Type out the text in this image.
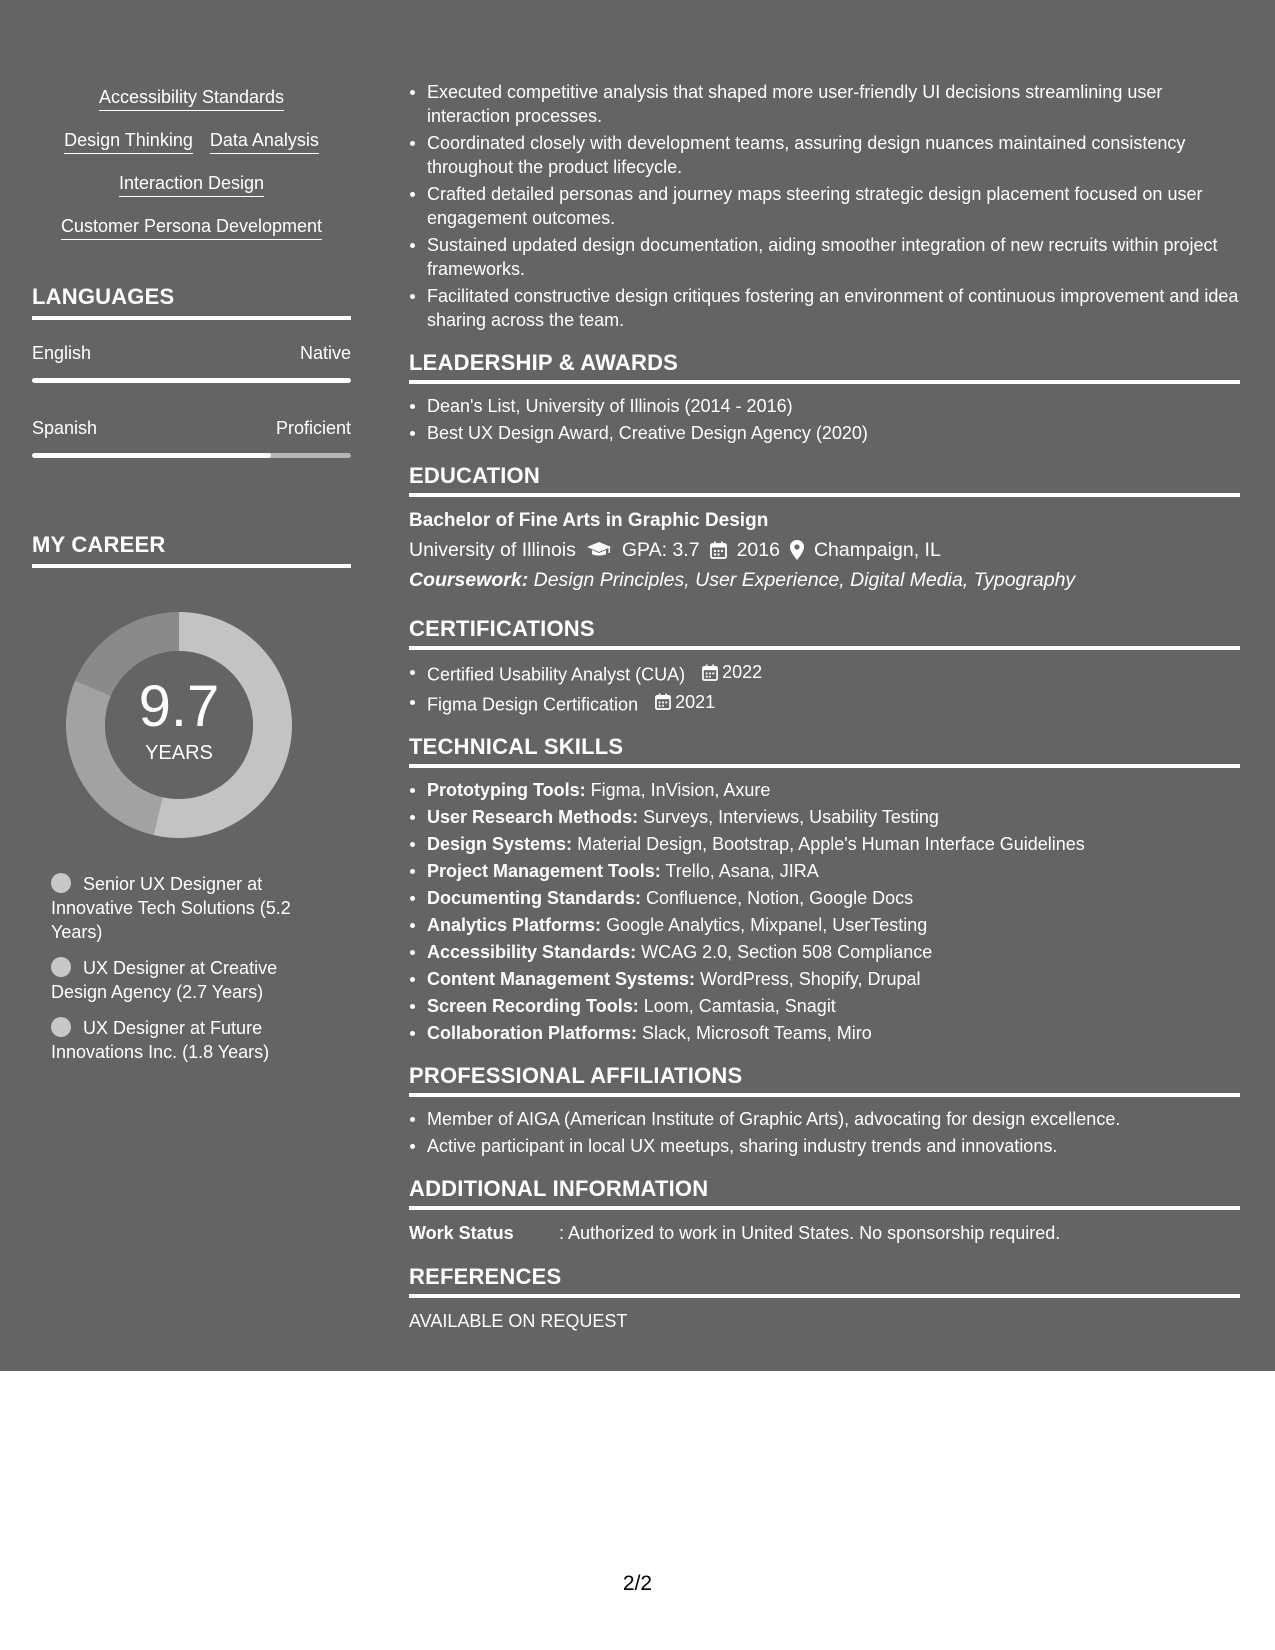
Accessibility Standards
Design Thinking Data Analysis
Interaction Design
Customer Persona Development
LANGUAGES
English	Native
Spanish	Proficient
MY CAREER
9.7
YEARS
Senior UX Designer at Innovative Tech Solutions (5.2 Years)
UX Designer at Creative Design Agency (2.7 Years)
UX Designer at Future Innovations Inc. (1.8 Years)
Executed competitive analysis that shaped more user-friendly UI decisions streamlining user interaction processes.
Coordinated closely with development teams, assuring design nuances maintained consistency throughout the product lifecycle.
Crafted detailed personas and journey maps steering strategic design placement focused on user engagement outcomes.
Sustained updated design documentation, aiding smoother integration of new recruits within project frameworks.
Facilitated constructive design critiques fostering an environment of continuous improvement and idea sharing across the team.
LEADERSHIP & AWARDS
Dean's List, University of Illinois (2014 - 2016)
Best UX Design Award, Creative Design Agency (2020)
EDUCATION
Bachelor of Fine Arts in Graphic Design
University of Illinois GPA: 3.7 2016 Champaign, IL
Coursework: Design Principles, User Experience, Digital Media, Typography
CERTIFICATIONS
Certified Usability Analyst (CUA) 2022
Figma Design Certification 2021
TECHNICAL SKILLS
Prototyping Tools: Figma, InVision, Axure
User Research Methods: Surveys, Interviews, Usability Testing
Design Systems: Material Design, Bootstrap, Apple's Human Interface Guidelines
Project Management Tools: Trello, Asana, JIRA
Documenting Standards: Confluence, Notion, Google Docs
Analytics Platforms: Google Analytics, Mixpanel, UserTesting
Accessibility Standards: WCAG 2.0, Section 508 Compliance
Content Management Systems: WordPress, Shopify, Drupal
Screen Recording Tools: Loom, Camtasia, Snagit
Collaboration Platforms: Slack, Microsoft Teams, Miro
PROFESSIONAL AFFILIATIONS
Member of AIGA (American Institute of Graphic Arts), advocating for design excellence.
Active participant in local UX meetups, sharing industry trends and innovations.
ADDITIONAL INFORMATION
Work Status	: Authorized to work in United States. No sponsorship required.
REFERENCES
AVAILABLE ON REQUEST
2/2
